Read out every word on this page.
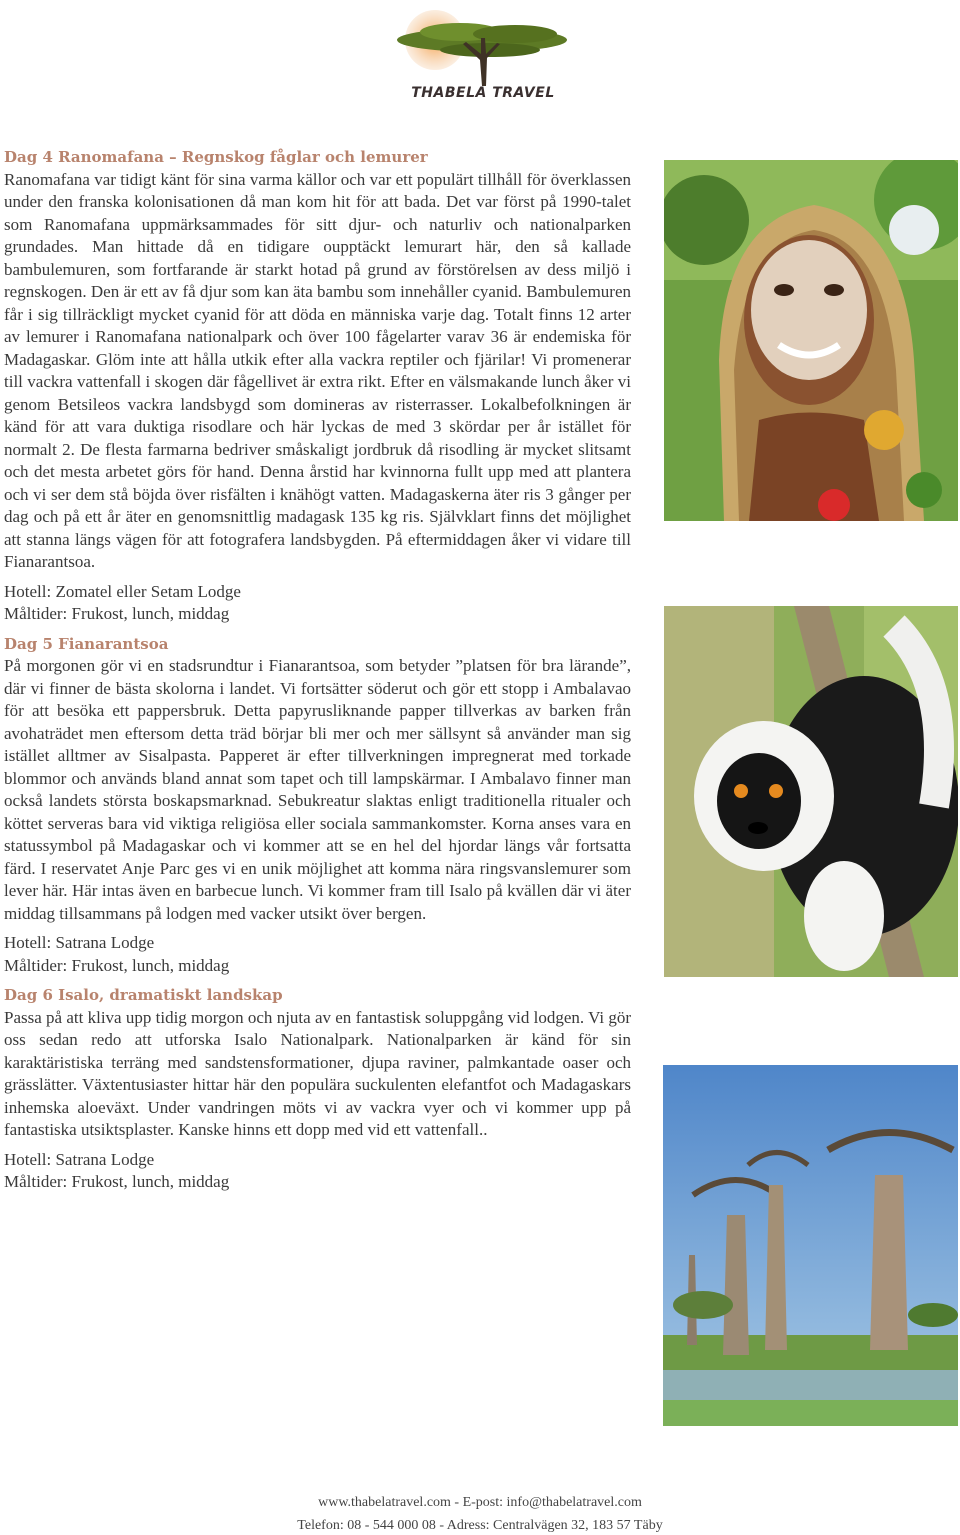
THABELA TRAVEL
Dag 4 Ranomafana – Regnskog fåglar och lemurer

Ranomafana var tidigt känt för sina varma källor och var ett populärt tillhåll för överklassen under den franska kolonisationen då man kom hit för att bada. Det var först på 1990-talet som Ranomafana uppmärksammades för sitt djur- och naturliv och nationalparken grundades. Man hittade då en tidigare oupptäckt lemurart här, den så kallade bambulemuren, som fortfarande är starkt hotad på grund av förstörelsen av dess miljö i regnskogen. Den är ett av få djur som kan äta bambu som innehåller cyanid. Bambulemuren får i sig tillräckligt mycket cyanid för att döda en människa varje dag. Totalt finns 12 arter av lemurer i Ranomafana nationalpark och över 100 fågelarter varav 36 är endemiska för Madagaskar. Glöm inte att hålla utkik efter alla vackra reptiler och fjärilar! Vi promenerar till vackra vattenfall i skogen där fågellivet är extra rikt. Efter en välsmakande lunch åker vi genom Betsileos vackra landsbygd som domineras av risterrasser. Lokalbefolkningen är känd för att vara duktiga risodlare och här lyckas de med 3 skördar per år istället för normalt 2. De flesta farmarna bedriver småskaligt jordbruk då risodling är mycket slitsamt och det mesta arbetet görs för hand. Denna årstid har kvinnorna fullt upp med att plantera och vi ser dem stå böjda över risfälten i knähögt vatten. Madagaskerna äter ris 3 gånger per dag och på ett år äter en genomsnittlig madagask 135 kg ris. Självklart finns det möjlighet att stanna längs vägen för att fotografera landsbygden. På eftermiddagen åker vi vidare till Fianarantsoa.

Hotell: Zomatel eller Setam Lodge

Måltider: Frukost, lunch, middag

Dag 5 Fianarantsoa

På morgonen gör vi en stadsrundtur i Fianarantsoa, som betyder ”platsen för bra lärande”, där vi finner de bästa skolorna i landet. Vi fortsätter söderut och gör ett stopp i Ambalavao för att besöka ett pappersbruk. Detta papyrusliknande papper tillverkas av barken från avohaträdet men eftersom detta träd börjar bli mer och mer sällsynt så använder man sig istället alltmer av Sisalpasta. Papperet är efter tillverkningen impregnerat med torkade blommor och används bland annat som tapet och till lampskärmar. I Ambalavo finner man också landets största boskapsmarknad. Sebukreatur slaktas enligt traditionella ritualer och köttet serveras bara vid viktiga religiösa eller sociala sammankomster. Korna anses vara en statussymbol på Madagaskar och vi kommer att se en hel del hjordar längs vår fortsatta färd. I reservatet Anje Parc ges vi en unik möjlighet att komma nära ringsvanslemurer som lever här. Här intas även en barbecue lunch. Vi kommer fram till Isalo på kvällen där vi äter middag tillsammans på lodgen med vacker utsikt över bergen.

Hotell: Satrana Lodge

Måltider: Frukost, lunch, middag

Dag 6 Isalo, dramatiskt landskap

Passa på att kliva upp tidig morgon och njuta av en fantastisk soluppgång vid lodgen. Vi gör oss sedan redo att utforska Isalo Nationalpark. Nationalparken är känd för sin karaktäristiska terräng med sandstensformationer, djupa raviner, palmkantade oaser och grässlätter. Växtentusiaster hittar här den populära suckulenten elefantfot och Madagaskars inhemska aloeväxt. Under vandringen möts vi av vackra vyer och vi kommer upp på fantastiska utsiktsplaster. Kanske hinns ett dopp med vid ett vattenfall..

Hotell: Satrana Lodge

Måltider: Frukost, lunch, middag

www.thabelatravel.com - E-post: info@thabelatravel.com
Telefon: 08 - 544 000 08 - Adress: Centralvägen 32, 183 57 Täby
